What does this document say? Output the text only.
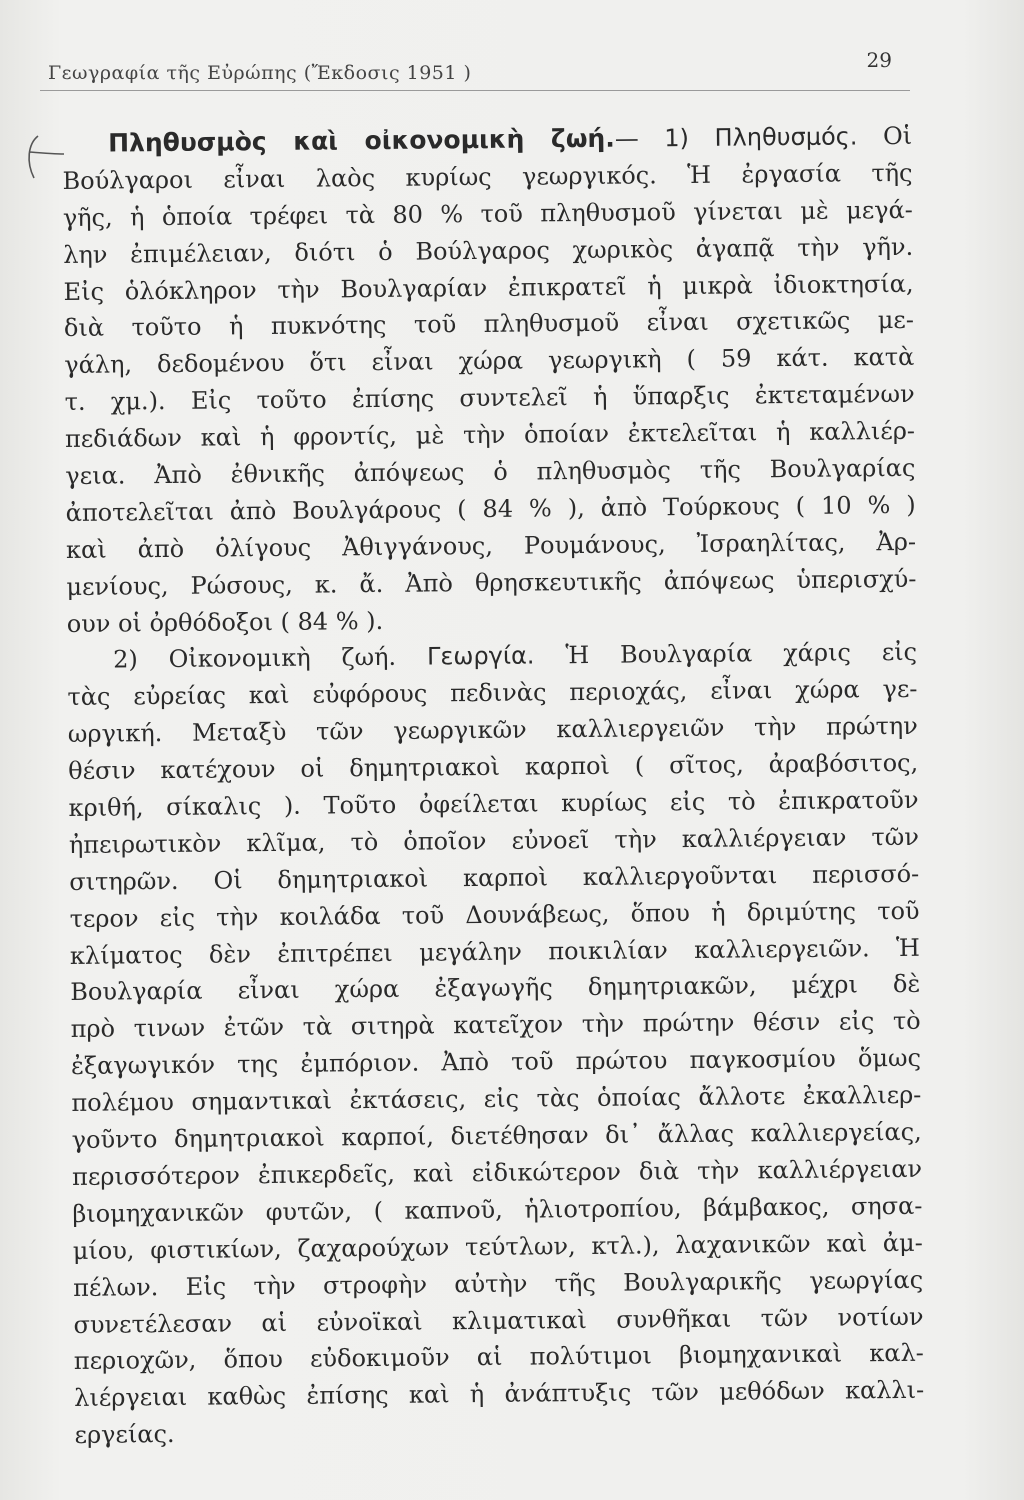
Γεωγραφία τῆς Εὐρώπης (Ἔκδοσις 1951 )
29
Πληθυσμὸς καὶ οἰκονομικὴ ζωή.— 1) Πληθυσμός. Οἱ
Βούλγαροι εἶναι λαὸς κυρίως γεωργικός. Ἡ ἐργασία τῆς
γῆς, ἡ ὁποία τρέφει τὰ 80 % τοῦ πληθυσμοῦ γίνεται μὲ μεγά-
λην ἐπιμέλειαν, διότι ὁ Βούλγαρος χωρικὸς ἀγαπᾷ τὴν γῆν.
Εἰς ὁλόκληρον τὴν Βουλγαρίαν ἐπικρατεῖ ἡ μικρὰ ἰδιοκτησία,
διὰ τοῦτο ἡ πυκνότης τοῦ πληθυσμοῦ εἶναι σχετικῶς με-
γάλη, δεδομένου ὅτι εἶναι χώρα γεωργικὴ ( 59 κάτ. κατὰ
τ. χμ.). Εἰς τοῦτο ἐπίσης συντελεῖ ἡ ὕπαρξις ἐκτεταμένων
πεδιάδων καὶ ἡ φροντίς, μὲ τὴν ὁποίαν ἐκτελεῖται ἡ καλλιέρ-
γεια. Ἀπὸ ἐθνικῆς ἀπόψεως ὁ πληθυσμὸς τῆς Βουλγαρίας
ἀποτελεῖται ἀπὸ Βουλγάρους ( 84 % ), ἀπὸ Τούρκους ( 10 % )
καὶ ἀπὸ ὀλίγους Ἀθιγγάνους, Ρουμάνους, Ἰσραηλίτας, Ἀρ-
μενίους, Ρώσους, κ. ἄ. Ἀπὸ θρησκευτικῆς ἀπόψεως ὑπερισχύ-
ουν οἱ ὀρθόδοξοι ( 84 % ).
2) Οἰκονομικὴ ζωή. Γεωργία. Ἡ Βουλγαρία χάρις εἰς
τὰς εὐρείας καὶ εὐφόρους πεδινὰς περιοχάς, εἶναι χώρα γε-
ωργική. Μεταξὺ τῶν γεωργικῶν καλλιεργειῶν τὴν πρώτην
θέσιν κατέχουν οἱ δημητριακοὶ καρποὶ ( σῖτος, ἀραβόσιτος,
κριθή, σίκαλις ). Τοῦτο ὀφείλεται κυρίως εἰς τὸ ἐπικρατοῦν
ἠπειρωτικὸν κλῖμα, τὸ ὁποῖον εὐνοεῖ τὴν καλλιέργειαν τῶν
σιτηρῶν. Οἱ δημητριακοὶ καρποὶ καλλιεργοῦνται περισσό-
τερον εἰς τὴν κοιλάδα τοῦ Δουνάβεως, ὅπου ἡ δριμύτης τοῦ
κλίματος δὲν ἐπιτρέπει μεγάλην ποικιλίαν καλλιεργειῶν. Ἡ
Βουλγαρία εἶναι χώρα ἐξαγωγῆς δημητριακῶν, μέχρι δὲ
πρὸ τινων ἐτῶν τὰ σιτηρὰ κατεῖχον τὴν πρώτην θέσιν εἰς τὸ
ἐξαγωγικόν της ἐμπόριον. Ἀπὸ τοῦ πρώτου παγκοσμίου ὅμως
πολέμου σημαντικαὶ ἐκτάσεις, εἰς τὰς ὁποίας ἄλλοτε ἐκαλλιερ-
γοῦντο δημητριακοὶ καρποί, διετέθησαν δι᾽ ἄλλας καλλιεργείας,
περισσότερον ἐπικερδεῖς, καὶ εἰδικώτερον διὰ τὴν καλλιέργειαν
βιομηχανικῶν φυτῶν, ( καπνοῦ, ἡλιοτροπίου, βάμβακος, σησα-
μίου, φιστικίων, ζαχαρούχων τεύτλων, κτλ.), λαχανικῶν καὶ ἀμ-
πέλων. Εἰς τὴν στροφὴν αὐτὴν τῆς Βουλγαρικῆς γεωργίας
συνετέλεσαν αἱ εὐνοϊκαὶ κλιματικαὶ συνθῆκαι τῶν νοτίων
περιοχῶν, ὅπου εὐδοκιμοῦν αἱ πολύτιμοι βιομηχανικαὶ καλ-
λιέργειαι καθὼς ἐπίσης καὶ ἡ ἀνάπτυξις τῶν μεθόδων καλλι-
εργείας.
